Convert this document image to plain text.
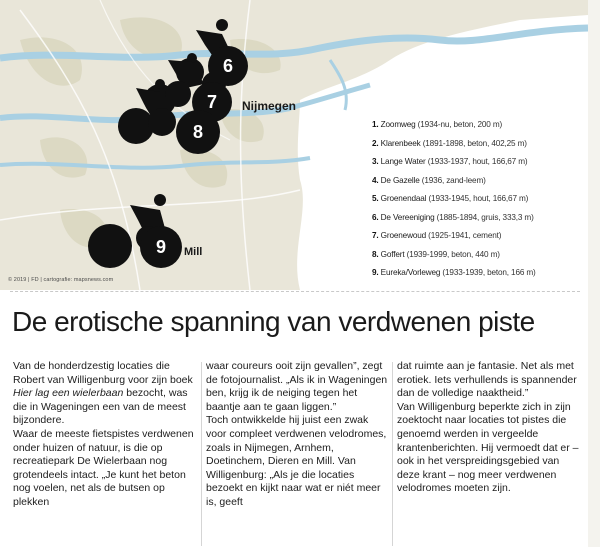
6
7
8
9
Nijmegen
Mill
1. Zoomweg (1934-nu, beton, 200 m)
2. Klarenbeek (1891-1898, beton, 402,25 m)
3. Lange Water (1933-1937, hout, 166,67 m)
4. De Gazelle (1936, zand-leem)
5. Groenendaal (1933-1945, hout, 166,67 m)
6. De Vereeniging (1885-1894, gruis, 333,3 m)
7. Groenewoud (1925-1941, cement)
8. Goffert (1939-1999, beton, 440 m)
9. Eureka/Vorleweg (1933-1939, beton, 166 m)
© 2019 | FD | cartografie: mapsnews.com
De erotische spanning van verdwenen piste

Van de honderdzestig locaties die Robert van Willigenburg voor zijn boek Hier lag een wielerbaan bezocht, was die in Wageningen een van de meest bijzondere.

Waar de meeste fietspistes verdwenen onder huizen of natuur, is die op recreatiepark De Wielerbaan nog grotendeels intact. „Je kunt het beton nog voelen, net als de butsen op plekken

waar coureurs ooit zijn gevallen”, zegt de fotojournalist. „Als ik in Wageningen ben, krijg ik de neiging tegen het baantje aan te gaan liggen.”

Toch ontwikkelde hij juist een zwak voor compleet verdwenen velodromes, zoals in Nijmegen, Arnhem, Doetinchem, Dieren en Mill. Van Willigenburg: „Als je die locaties bezoekt en kijkt naar wat er niét meer is, geeft

dat ruimte aan je fantasie. Net als met erotiek. Iets verhullends is spannender dan de volledige naaktheid.”

Van Willigenburg beperkte zich in zijn zoektocht naar locaties tot pistes die genoemd werden in vergeelde krantenberichten. Hij vermoedt dat er – ook in het verspreidingsgebied van deze krant – nog meer verdwenen velodromes moeten zijn.
